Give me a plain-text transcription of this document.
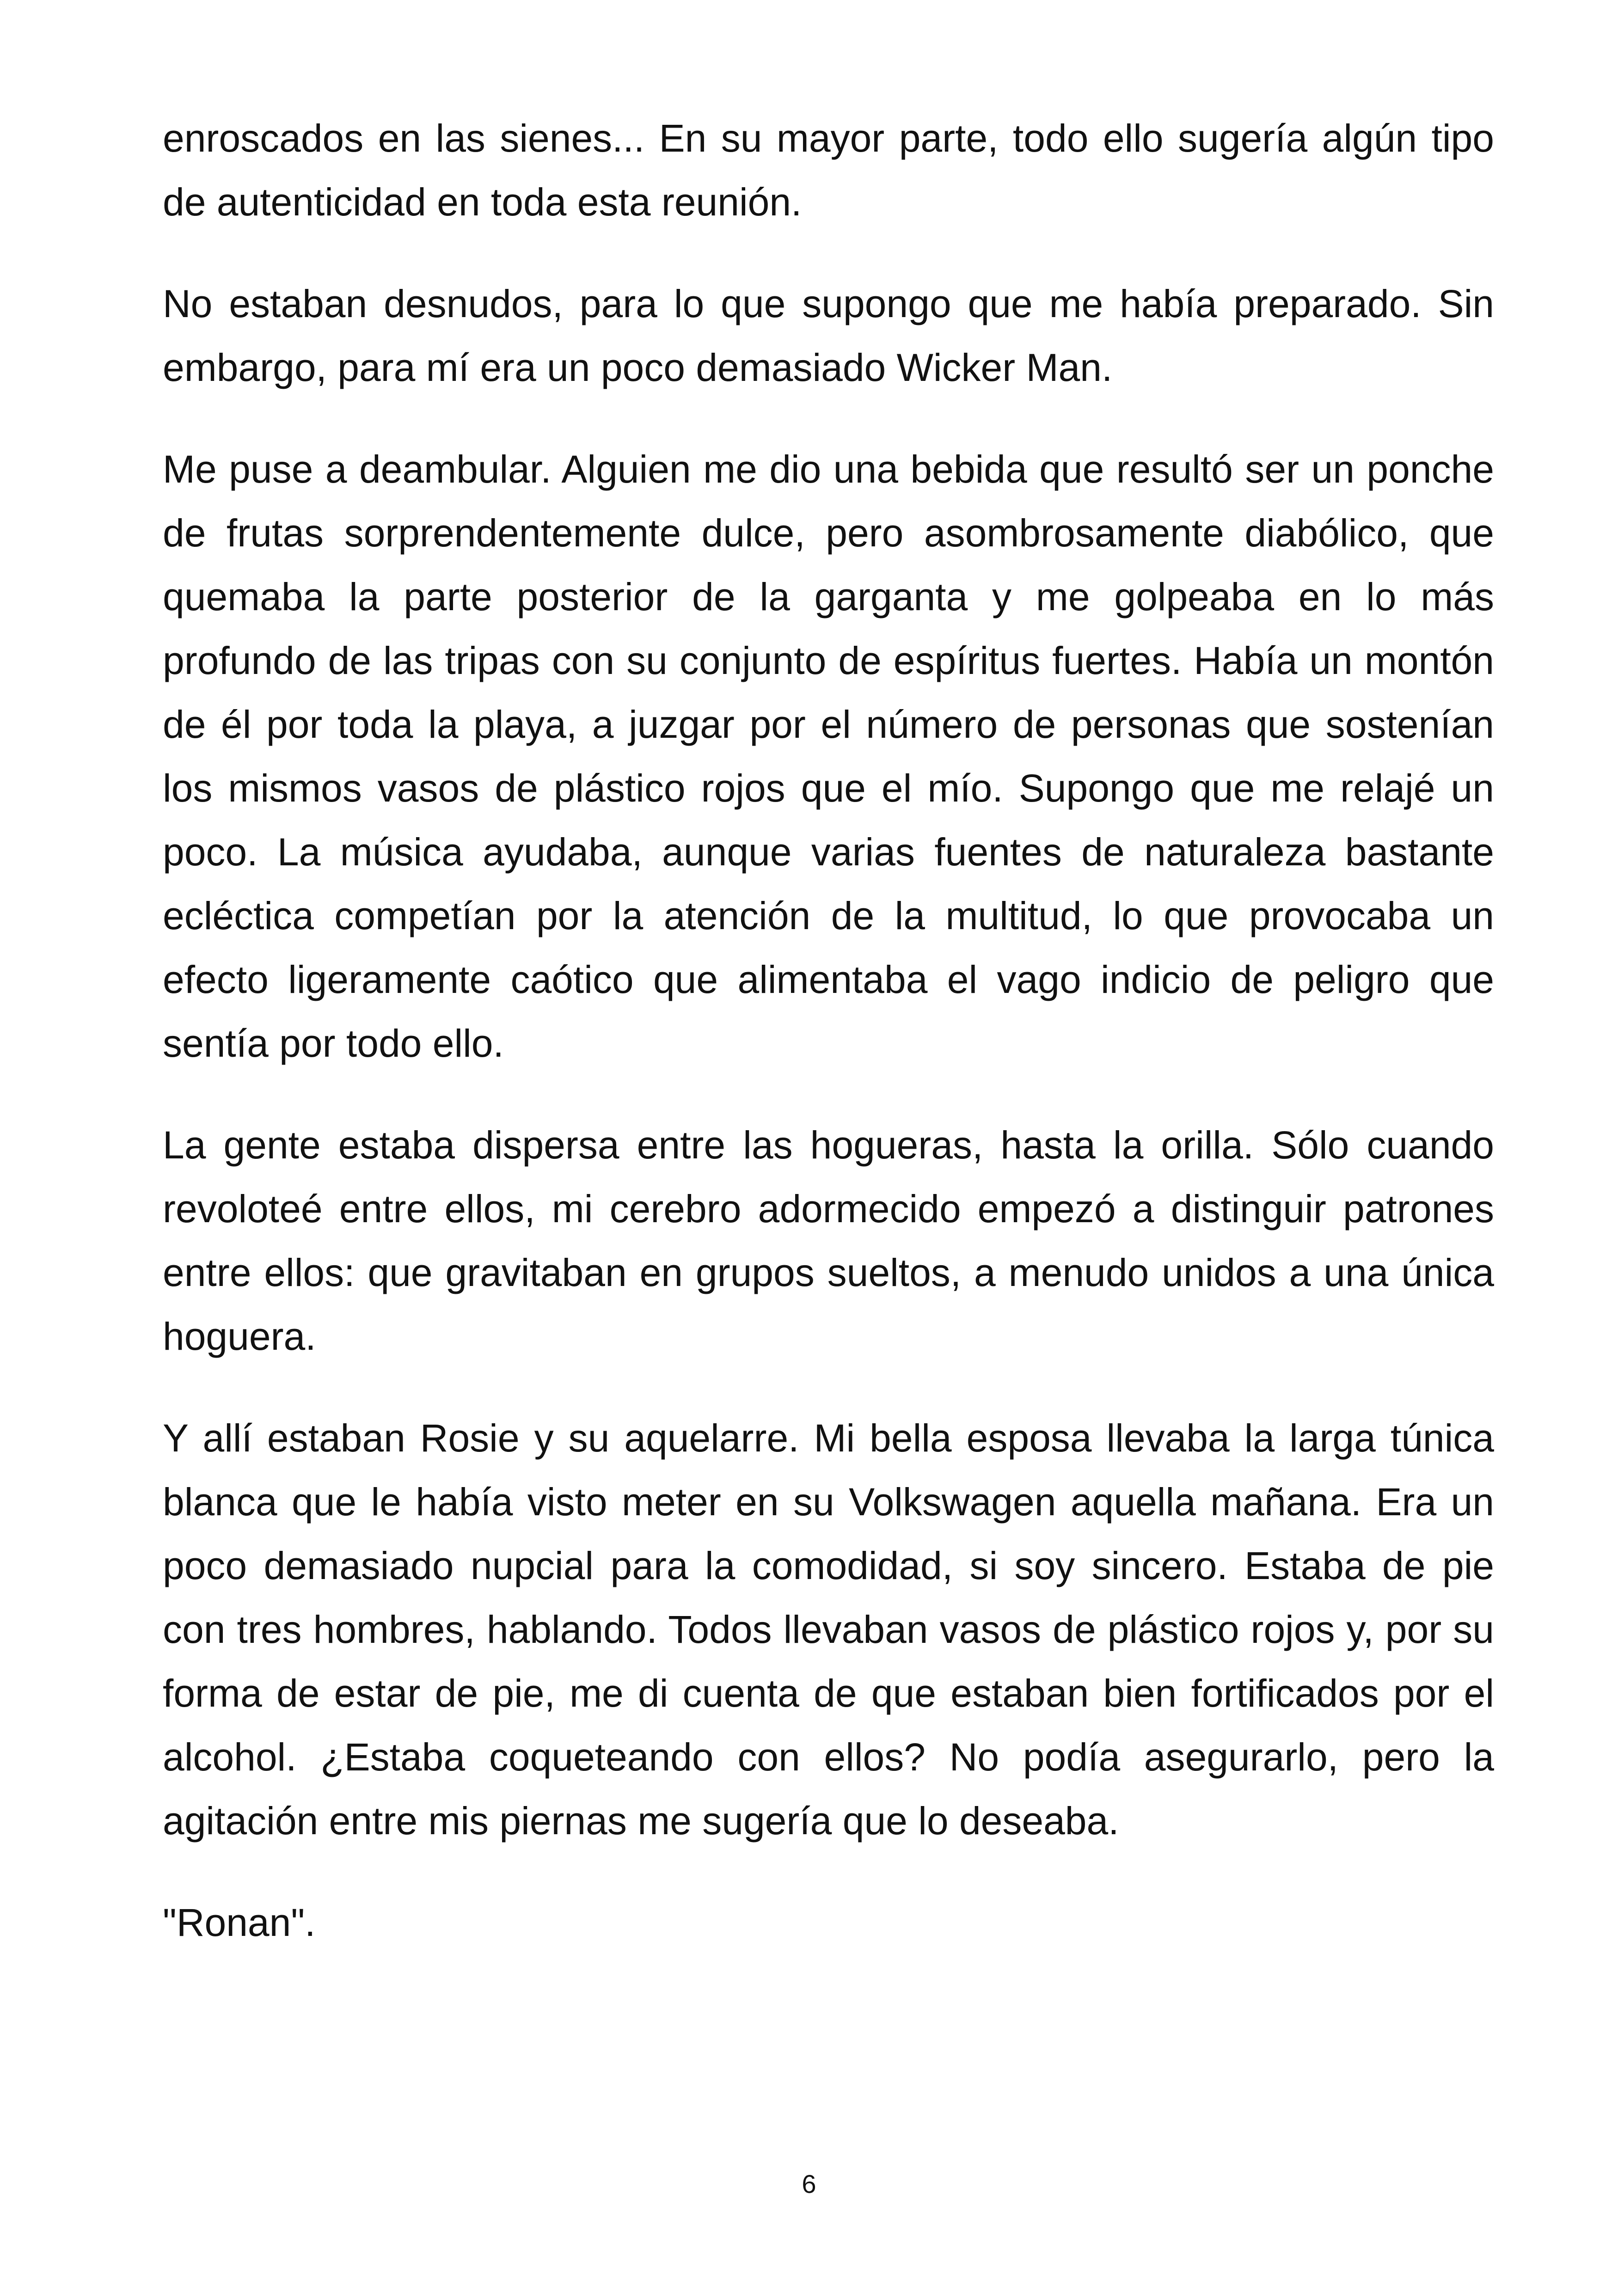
enroscados en las sienes... En su mayor parte, todo ello sugería algún tipo de autenticidad en toda esta reunión.

No estaban desnudos, para lo que supongo que me había preparado. Sin embargo, para mí era un poco demasiado Wicker Man.

Me puse a deambular. Alguien me dio una bebida que resultó ser un ponche de frutas sorprendentemente dulce, pero asombrosamente diabólico, que quemaba la parte posterior de la garganta y me golpeaba en lo más profundo de las tripas con su conjunto de espíritus fuertes. Había un montón de él por toda la playa, a juzgar por el número de personas que sostenían los mismos vasos de plástico rojos que el mío. Supongo que me relajé un poco. La música ayudaba, aunque varias fuentes de naturaleza bastante ecléctica competían por la atención de la multitud, lo que provocaba un efecto ligeramente caótico que alimentaba el vago indicio de peligro que sentía por todo ello.

La gente estaba dispersa entre las hogueras, hasta la orilla. Sólo cuando revoloteé entre ellos, mi cerebro adormecido empezó a distinguir patrones entre ellos: que gravitaban en grupos sueltos, a menudo unidos a una única hoguera.

Y allí estaban Rosie y su aquelarre. Mi bella esposa llevaba la larga túnica blanca que le había visto meter en su Volkswagen aquella mañana. Era un poco demasiado nupcial para la comodidad, si soy sincero. Estaba de pie con tres hombres, hablando. Todos llevaban vasos de plástico rojos y, por su forma de estar de pie, me di cuenta de que estaban bien fortificados por el alcohol. ¿Estaba coqueteando con ellos? No podía asegurarlo, pero la agitación entre mis piernas me sugería que lo deseaba.

"Ronan".

6
